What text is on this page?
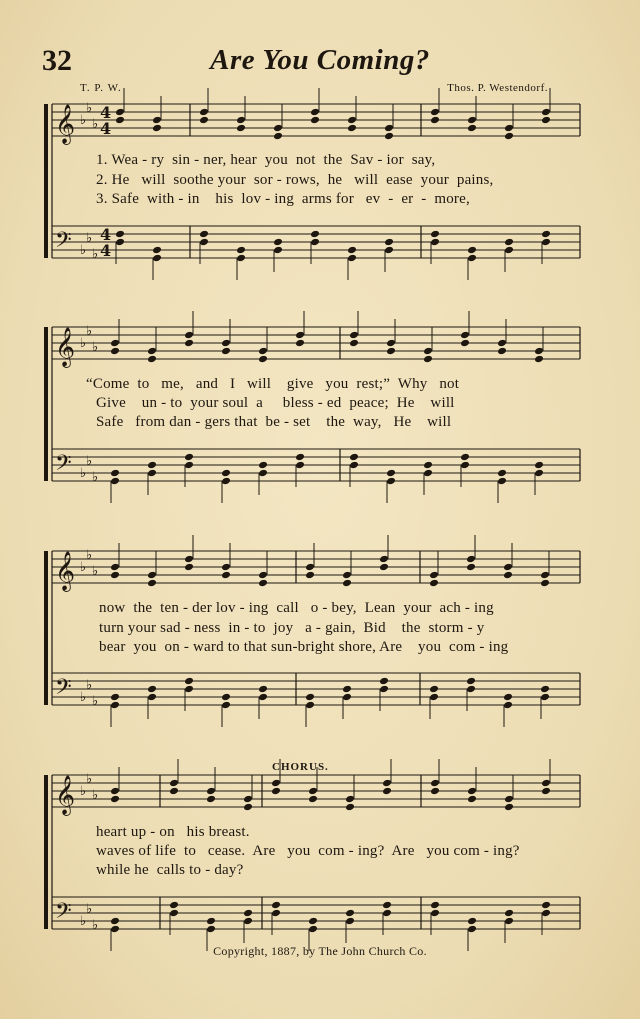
32	Are You Coming?
T. P. W.	Thos. P. Westendorf.
𝄞 ♭
♭
♭
4
4
𝄢 ♭
♭
♭
4
4
𝄞 ♭
♭
♭
𝄢 ♭
♭
♭
𝄞 ♭
♭
♭
𝄢 ♭
♭
♭
𝄞 ♭
♭
♭
𝄢 ♭
♭
♭
1. Wea - ry  sin - ner, hear  you  not  the  Sav - ior  say,
2. He   will  soothe your  sor - rows,  he   will  ease  your  pains,
3. Safe  with - in    his  lov - ing  arms for   ev  -  er  -  more,
“Come  to   me,   and   I   will    give   you  rest;”  Why   not
Give    un - to  your soul  a     bless - ed  peace;  He    will
Safe   from dan - gers that  be - set    the  way,   He    will
now  the  ten - der lov - ing  call   o - bey,  Lean  your  ach - ing
turn your sad - ness  in - to  joy   a - gain,  Bid    the  storm - y
bear  you  on - ward to that sun-bright shore, Are    you  com - ing
CHORUS.
heart up - on   his breast.
waves of life  to   cease.  Are   you  com - ing?  Are   you com - ing?
while he  calls to - day?
Copyright, 1887, by The John Church Co.
